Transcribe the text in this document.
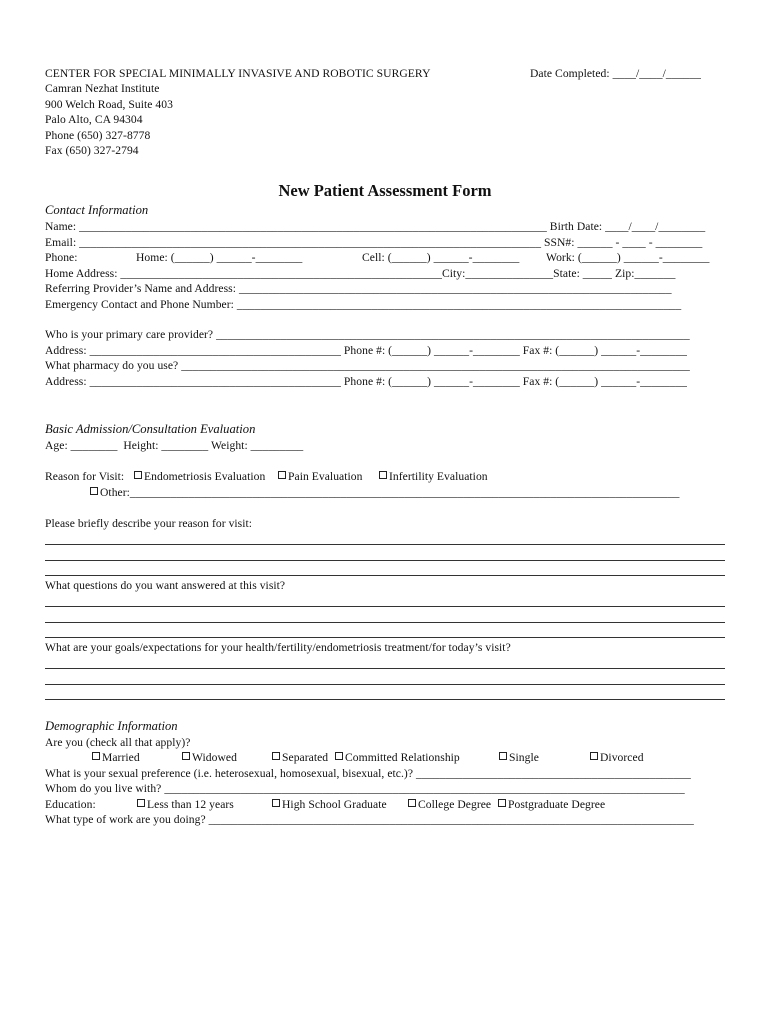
CENTER FOR SPECIAL MINIMALLY INVASIVE AND ROBOTIC SURGERY	Date Completed: ____/____/______
Camran Nezhat Institute
900 Welch Road, Suite 403
Palo Alto, CA 94304
Phone (650) 327-8778
Fax (650) 327-2794
New Patient Assessment Form
Contact Information
Name: ________________________________________________________________________________ Birth Date: ____/____/________
Email: _______________________________________________________________________________ SSN#: ______ - ____ - ________
Phone:	Home: (______) ______-________	Cell: (______) ______-________ Work: (______) ______-________
Home Address: _______________________________________________________City:_______________State: _____ Zip:_______
Referring Provider’s Name and Address: __________________________________________________________________________
Emergency Contact and Phone Number: ____________________________________________________________________________
Who is your primary care provider? _________________________________________________________________________________
Address: ___________________________________________ Phone #: (______) ______-________ Fax #: (______) ______-________
What pharmacy do you use? _______________________________________________________________________________________
Address: ___________________________________________ Phone #: (______) ______-________ Fax #: (______) ______-________
Basic Admission/Consultation Evaluation
Age: ________  Height: ________ Weight: _________
Reason for Visit:	Endometriosis Evaluation	Pain Evaluation	Infertility Evaluation
Other:______________________________________________________________________________________________
Please briefly describe your reason for visit:
What questions do you want answered at this visit?
What are your goals/expectations for your health/fertility/endometriosis treatment/for today’s visit?
Demographic Information
Are you (check all that apply)?
Married	Widowed	Separated	Committed Relationship	Single	Divorced
What is your sexual preference (i.e. heterosexual, homosexual, bisexual, etc.)? _______________________________________________
Whom do you live with? _________________________________________________________________________________________
Education:	Less than 12 years	High School Graduate	College Degree	Postgraduate Degree
What type of work are you doing? ___________________________________________________________________________________
